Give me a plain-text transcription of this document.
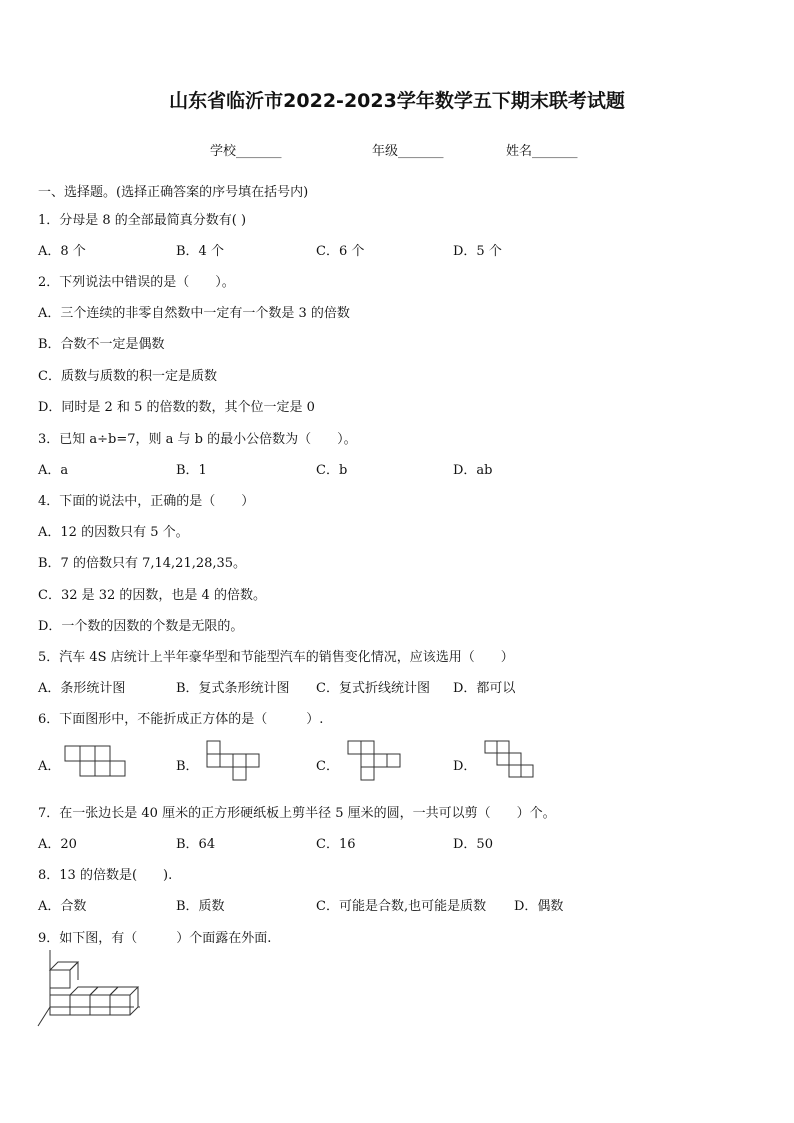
山东省临沂市2022-2023学年数学五下期末联考试题
学校_______	年级_______	姓名_______
一、选择题。(选择正确答案的序号填在括号内)
1．分母是 8 的全部最简真分数有( )
A．8 个	B．4 个	C．6 个	D．5 个
2．下列说法中错误的是（　　）。
A．三个连续的非零自然数中一定有一个数是 3 的倍数
B．合数不一定是偶数
C．质数与质数的积一定是质数
D．同时是 2 和 5 的倍数的数，其个位一定是 0
3．已知 a÷b=7，则 a 与 b 的最小公倍数为（　　）。
A．a	B．1	C．b	D．ab
4．下面的说法中，正确的是（　　）
A．12 的因数只有 5 个。
B．7 的倍数只有 7,14,21,28,35。
C．32 是 32 的因数，也是 4 的倍数。
D．一个数的因数的个数是无限的。
5．汽车 4S 店统计上半年豪华型和节能型汽车的销售变化情况，应该选用（　　）
A．条形统计图	B．复式条形统计图 C．复式折线统计图 D．都可以
6．下面图形中，不能折成正方体的是（　　　）.
A．	B．	C．	D．
7．在一张边长是 40 厘米的正方形硬纸板上剪半径 5 厘米的圆，一共可以剪（　　）个。
A．20	B．64	C．16	D．50
8．13 的倍数是(　　).
A．合数	B．质数	C．可能是合数,也可能是质数 D．偶数
9．如下图，有（　　　）个面露在外面.
